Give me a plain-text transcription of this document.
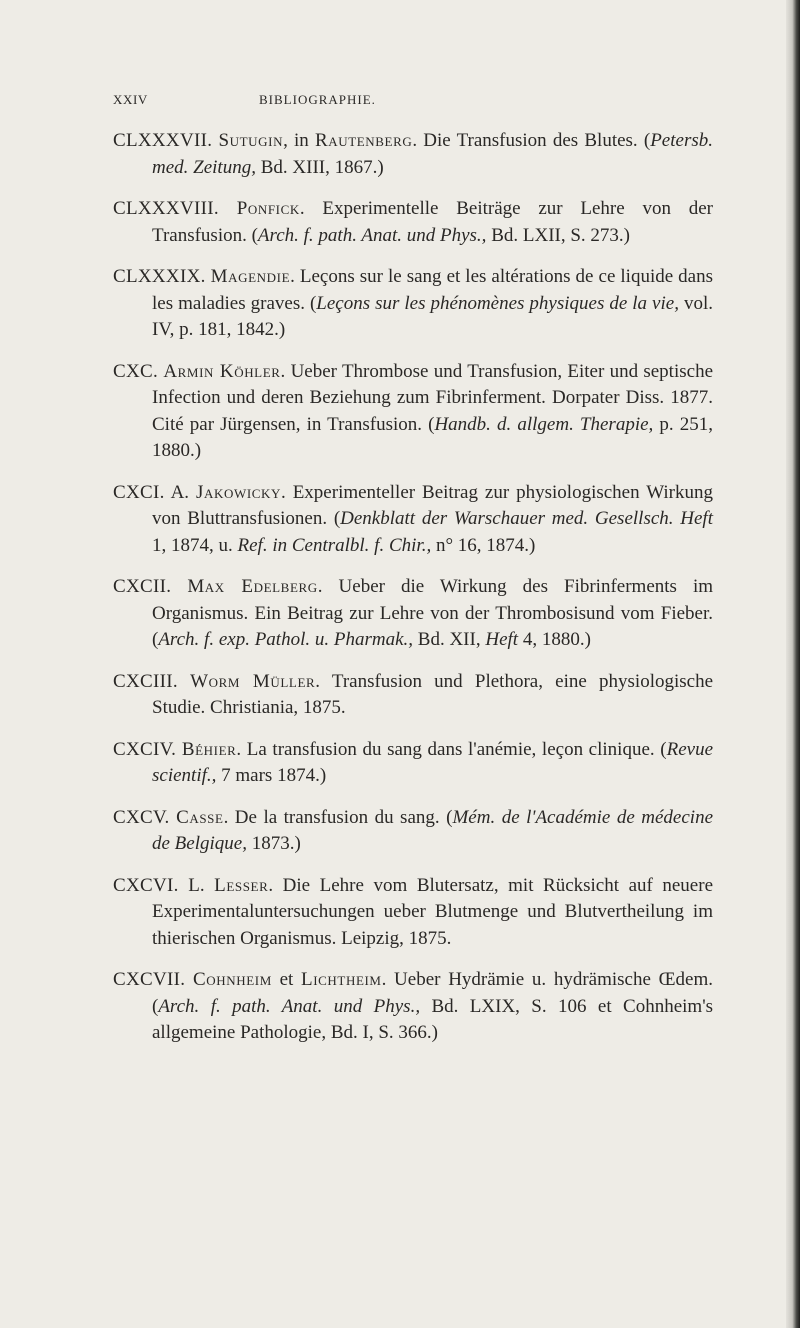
XXIV	BIBLIOGRAPHIE.

CLXXXVII. Sutugin, in Rautenberg. Die Transfusion des Blutes. (Petersb. med. Zeitung, Bd. XIII, 1867.)

CLXXXVIII. Ponfick. Experimentelle Beiträge zur Lehre von der Transfusion. (Arch. f. path. Anat. und Phys., Bd. LXII, S. 273.)

CLXXXIX. Magendie. Leçons sur le sang et les altérations de ce liquide dans les maladies graves. (Leçons sur les phénomènes physiques de la vie, vol. IV, p. 181, 1842.)

CXC. Armin Köhler. Ueber Thrombose und Transfusion, Eiter und septische Infection und deren Beziehung zum Fibrinferment. Dorpater Diss. 1877. Cité par Jürgensen, in Transfusion. (Handb. d. allgem. Therapie, p. 251, 1880.)

CXCI. A. Jakowicky. Experimenteller Beitrag zur physiologischen Wirkung von Bluttransfusionen. (Denkblatt der Warschauer med. Gesellsch. Heft 1, 1874, u. Ref. in Centralbl. f. Chir., n° 16, 1874.)

CXCII. Max Edelberg. Ueber die Wirkung des Fibrinferments im Organismus. Ein Beitrag zur Lehre von der Thrombosisund vom Fieber. (Arch. f. exp. Pathol. u. Pharmak., Bd. XII, Heft 4, 1880.)

CXCIII. Worm Müller. Transfusion und Plethora, eine physiologische Studie. Christiania, 1875.

CXCIV. Béhier. La transfusion du sang dans l'anémie, leçon clinique. (Revue scientif., 7 mars 1874.)

CXCV. Casse. De la transfusion du sang. (Mém. de l'Académie de médecine de Belgique, 1873.)

CXCVI. L. Lesser. Die Lehre vom Blutersatz, mit Rücksicht auf neuere Experimentaluntersuchungen ueber Blutmenge und Blutvertheilung im thierischen Organismus. Leipzig, 1875.

CXCVII. Cohnheim et Lichtheim. Ueber Hydrämie u. hydrämische Œdem. (Arch. f. path. Anat. und Phys., Bd. LXIX, S. 106 et Cohnheim's allgemeine Pathologie, Bd. I, S. 366.)
